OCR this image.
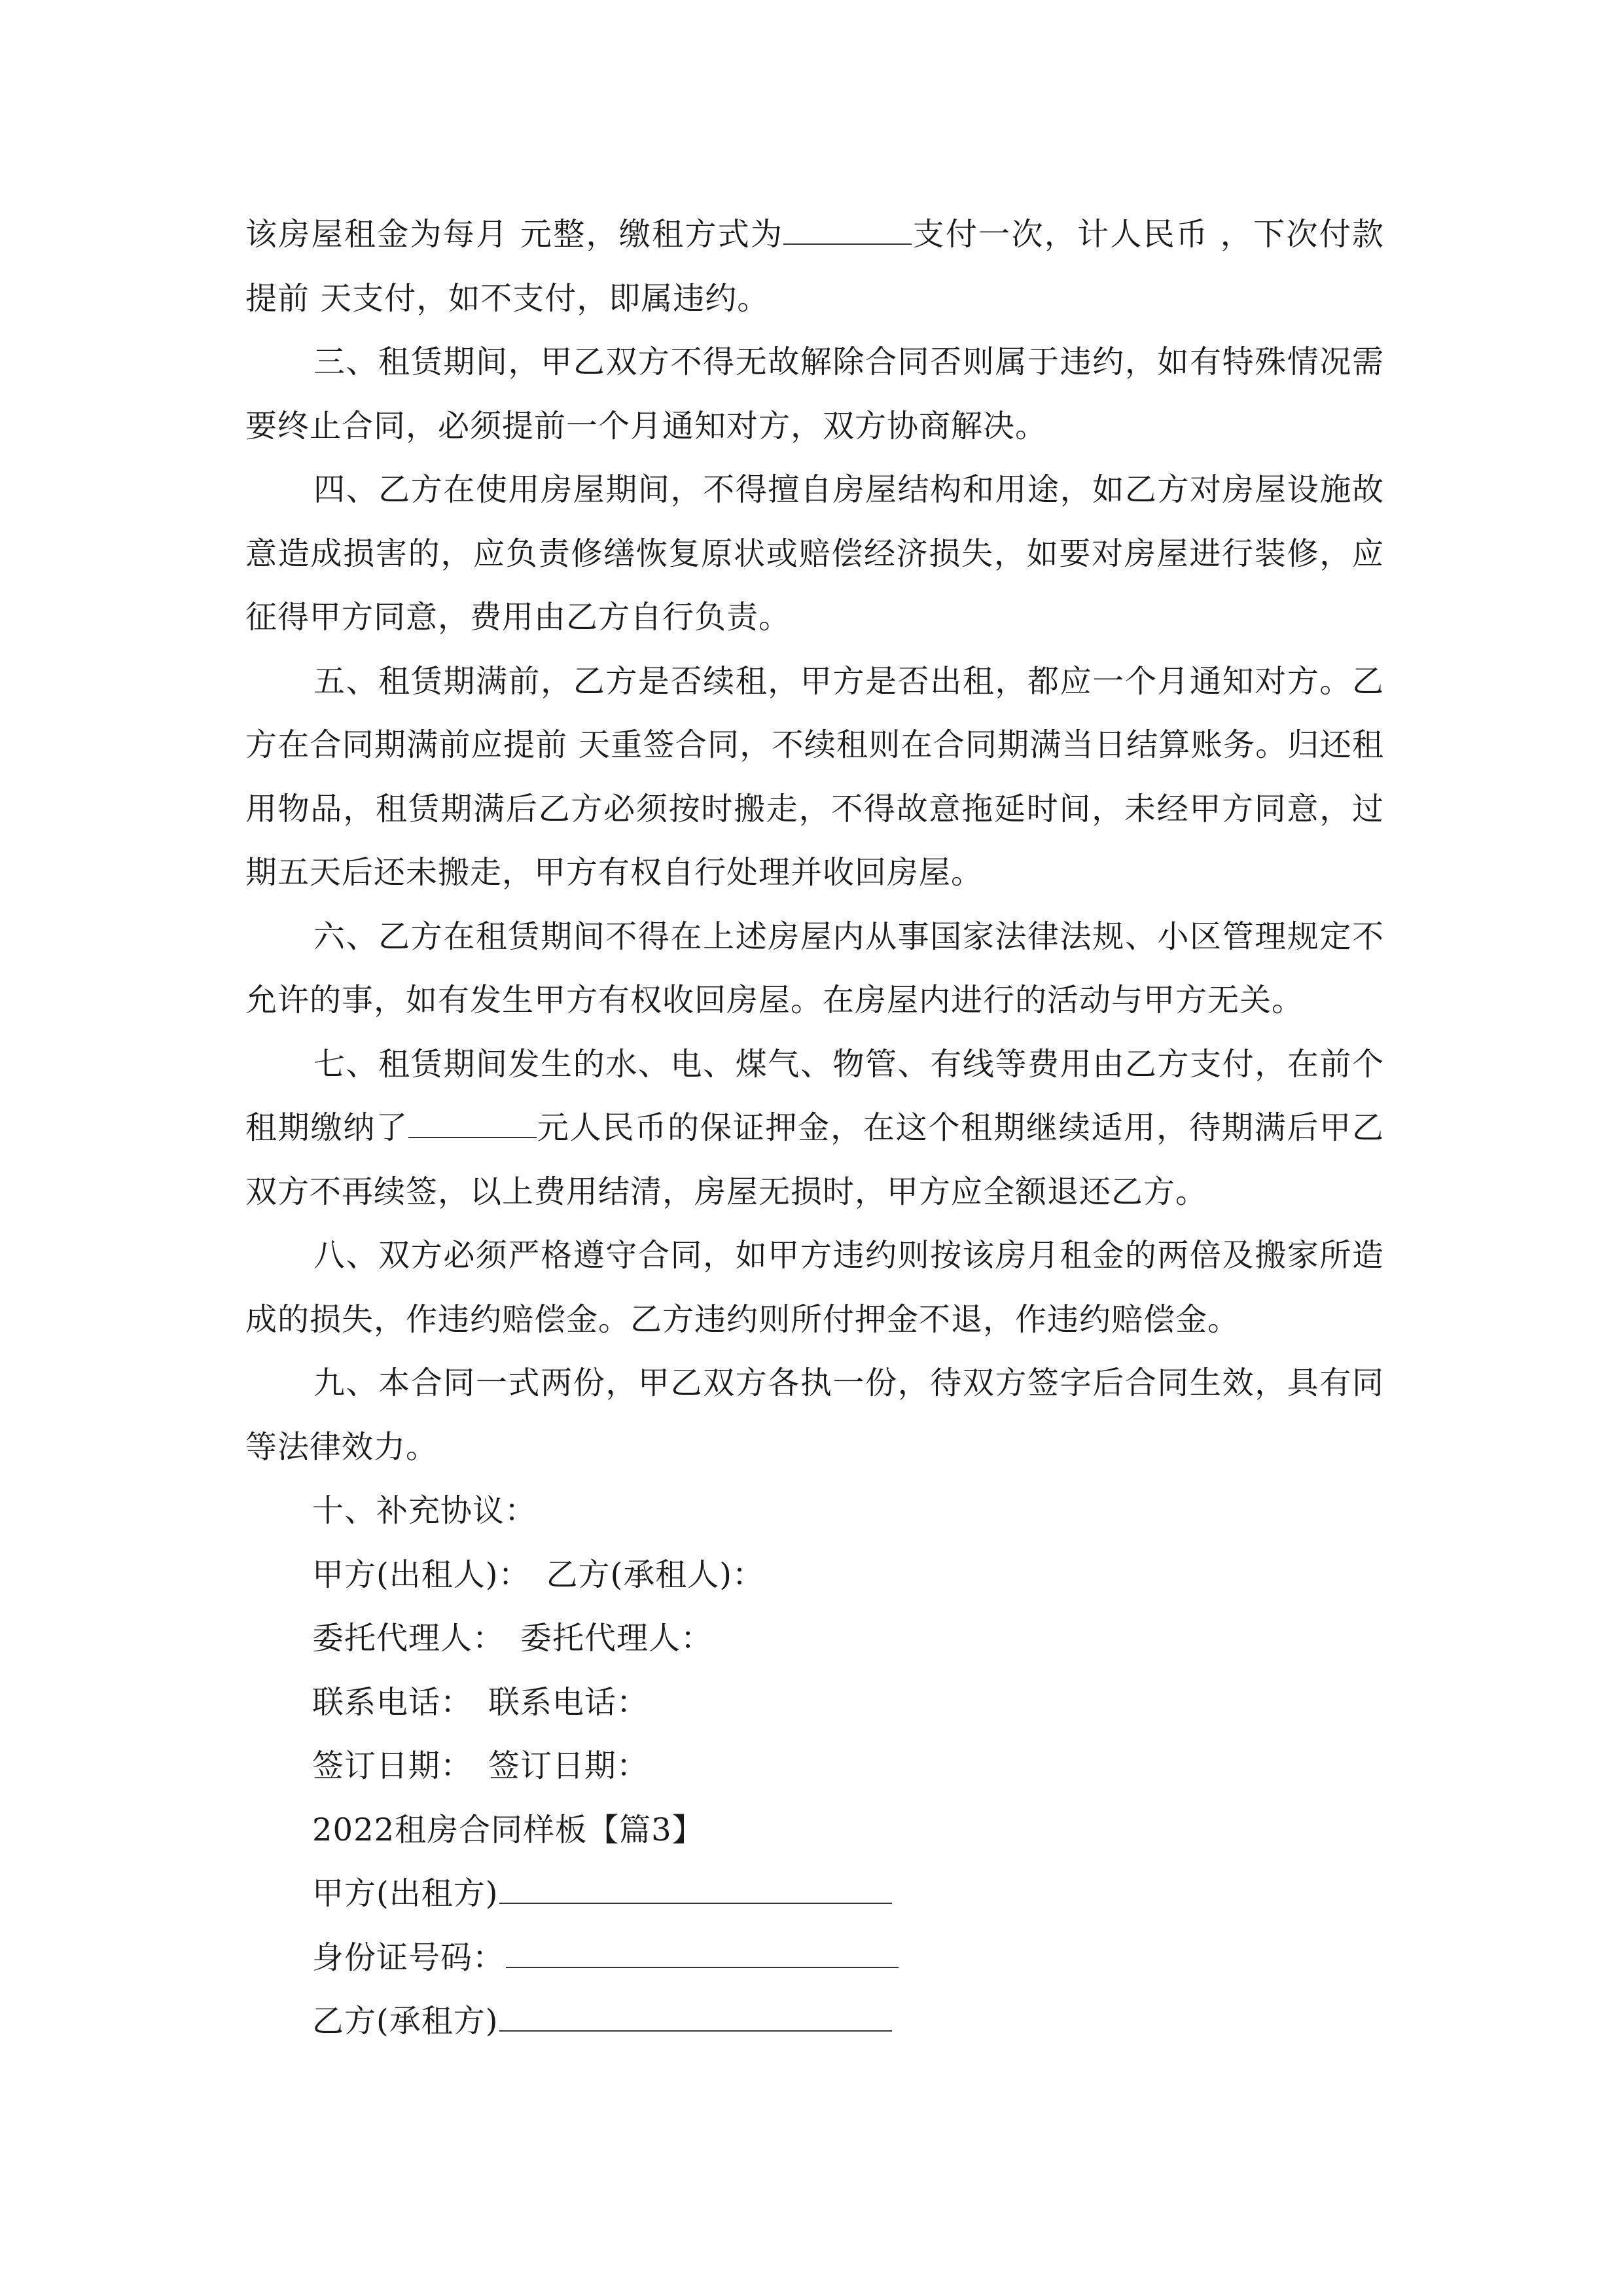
该房屋租金为每月 元整，缴租方式为	支付一次，计人民币 ，下次付款提前 天支付，如不支付，即属违约。

三、租赁期间，甲乙双方不得无故解除合同否则属于违约，如有特殊情况需要终止合同，必须提前一个月通知对方，双方协商解决。

四、乙方在使用房屋期间，不得擅自房屋结构和用途，如乙方对房屋设施故意造成损害的，应负责修缮恢复原状或赔偿经济损失，如要对房屋进行装修，应征得甲方同意，费用由乙方自行负责。

五、租赁期满前，乙方是否续租，甲方是否出租，都应一个月通知对方。乙方在合同期满前应提前 天重签合同，不续租则在合同期满当日结算账务。归还租用物品，租赁期满后乙方必须按时搬走，不得故意拖延时间，未经甲方同意，过期五天后还未搬走，甲方有权自行处理并收回房屋。

六、乙方在租赁期间不得在上述房屋内从事国家法律法规、小区管理规定不允许的事，如有发生甲方有权收回房屋。在房屋内进行的活动与甲方无关。

七、租赁期间发生的水、电、煤气、物管、有线等费用由乙方支付，在前个租期缴纳了	元人民币的保证押金，在这个租期继续适用，待期满后甲乙双方不再续签，以上费用结清，房屋无损时，甲方应全额退还乙方。

八、双方必须严格遵守合同，如甲方违约则按该房月租金的两倍及搬家所造成的损失，作违约赔偿金。乙方违约则所付押金不退，作违约赔偿金。

九、本合同一式两份，甲乙双方各执一份，待双方签字后合同生效，具有同等法律效力。

十、补充协议：

甲方(出租人)： 乙方(承租人)：

委托代理人： 委托代理人：

联系电话： 联系电话：

签订日期： 签订日期：

2022租房合同样板【篇3】

甲方(出租方)

身份证号码：

乙方(承租方)
